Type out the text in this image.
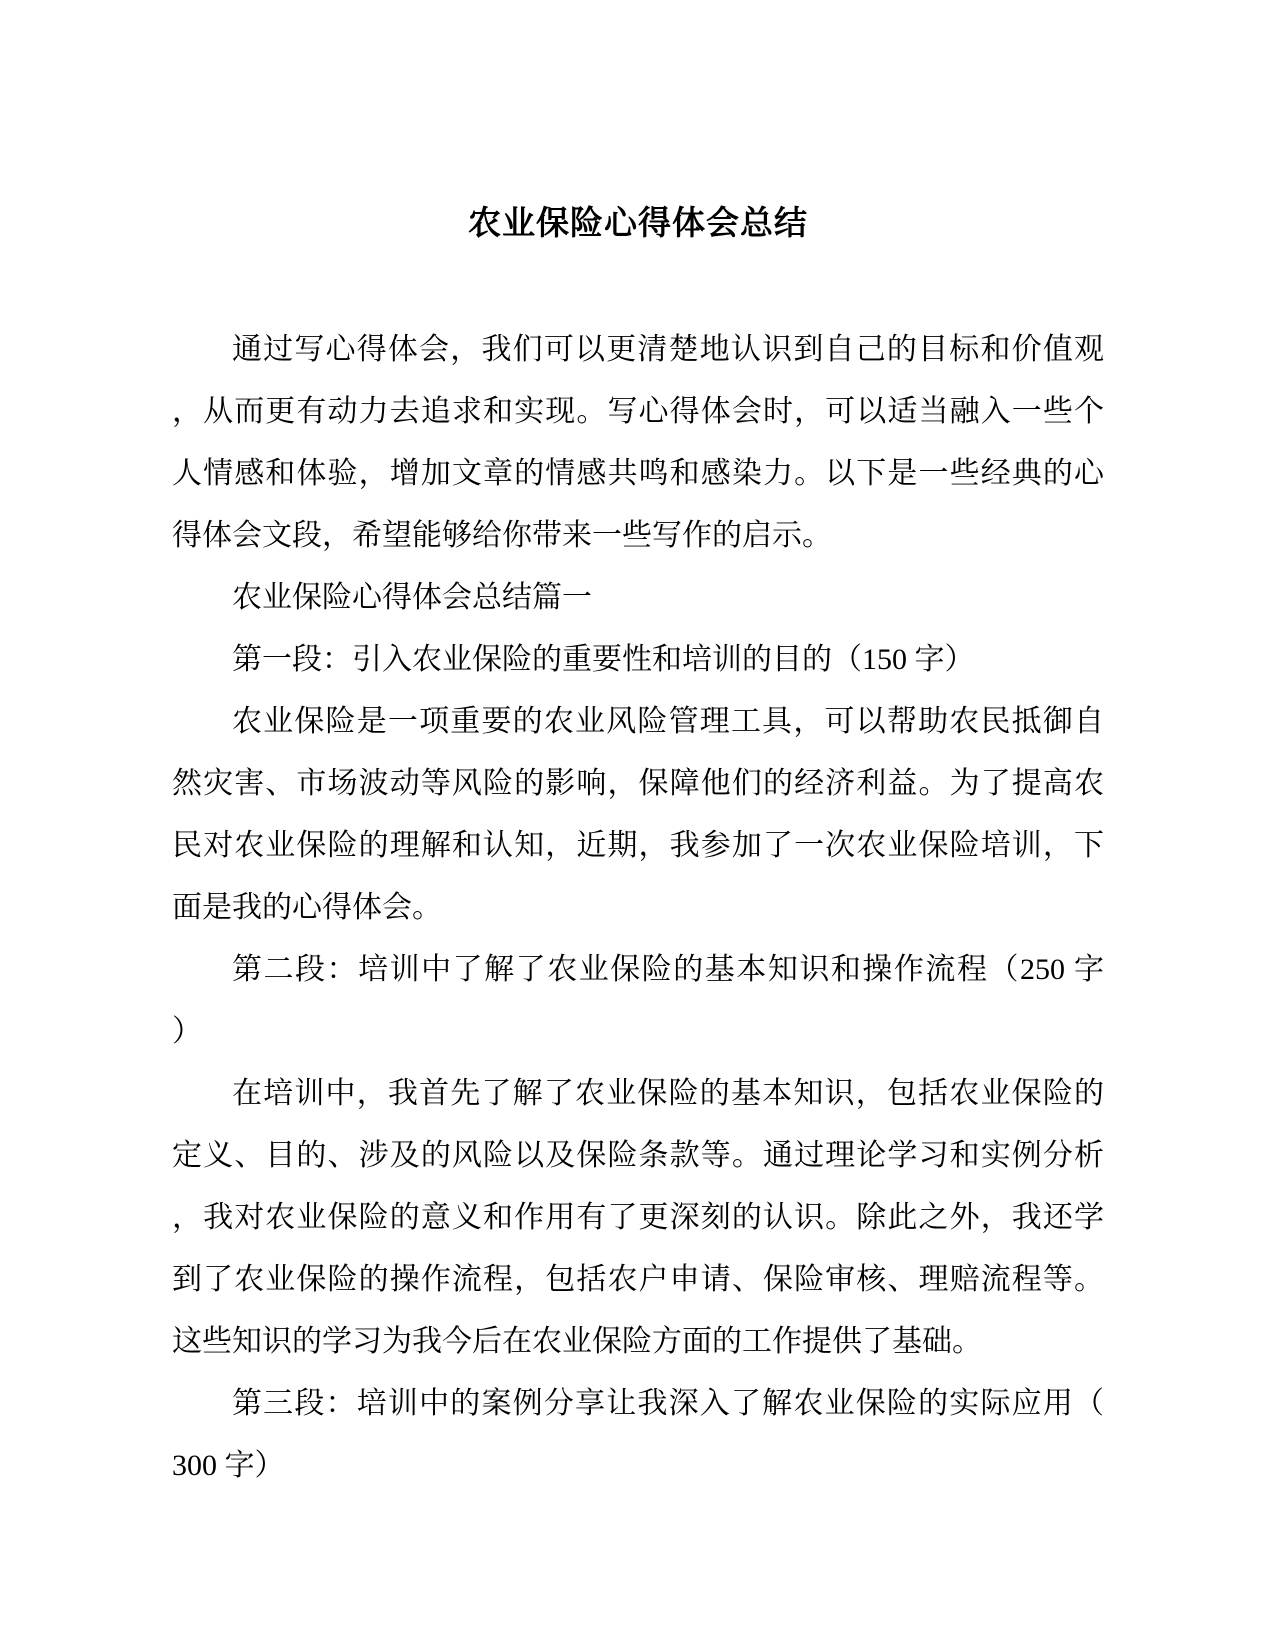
农业保险心得体会总结
通过写心得体会，我们可以更清楚地认识到自己的目标和价值观
，从而更有动力去追求和实现。写心得体会时，可以适当融入一些个
人情感和体验，增加文章的情感共鸣和感染力。以下是一些经典的心
得体会文段，希望能够给你带来一些写作的启示。
农业保险心得体会总结篇一
第一段：引入农业保险的重要性和培训的目的（150 字）
农业保险是一项重要的农业风险管理工具，可以帮助农民抵御自
然灾害、市场波动等风险的影响，保障他们的经济利益。为了提高农
民对农业保险的理解和认知，近期，我参加了一次农业保险培训，下
面是我的心得体会。
第二段：培训中了解了农业保险的基本知识和操作流程（250 字
）
在培训中，我首先了解了农业保险的基本知识，包括农业保险的
定义、目的、涉及的风险以及保险条款等。通过理论学习和实例分析
，我对农业保险的意义和作用有了更深刻的认识。除此之外，我还学
到了农业保险的操作流程，包括农户申请、保险审核、理赔流程等。
这些知识的学习为我今后在农业保险方面的工作提供了基础。
第三段：培训中的案例分享让我深入了解农业保险的实际应用（
300 字）
